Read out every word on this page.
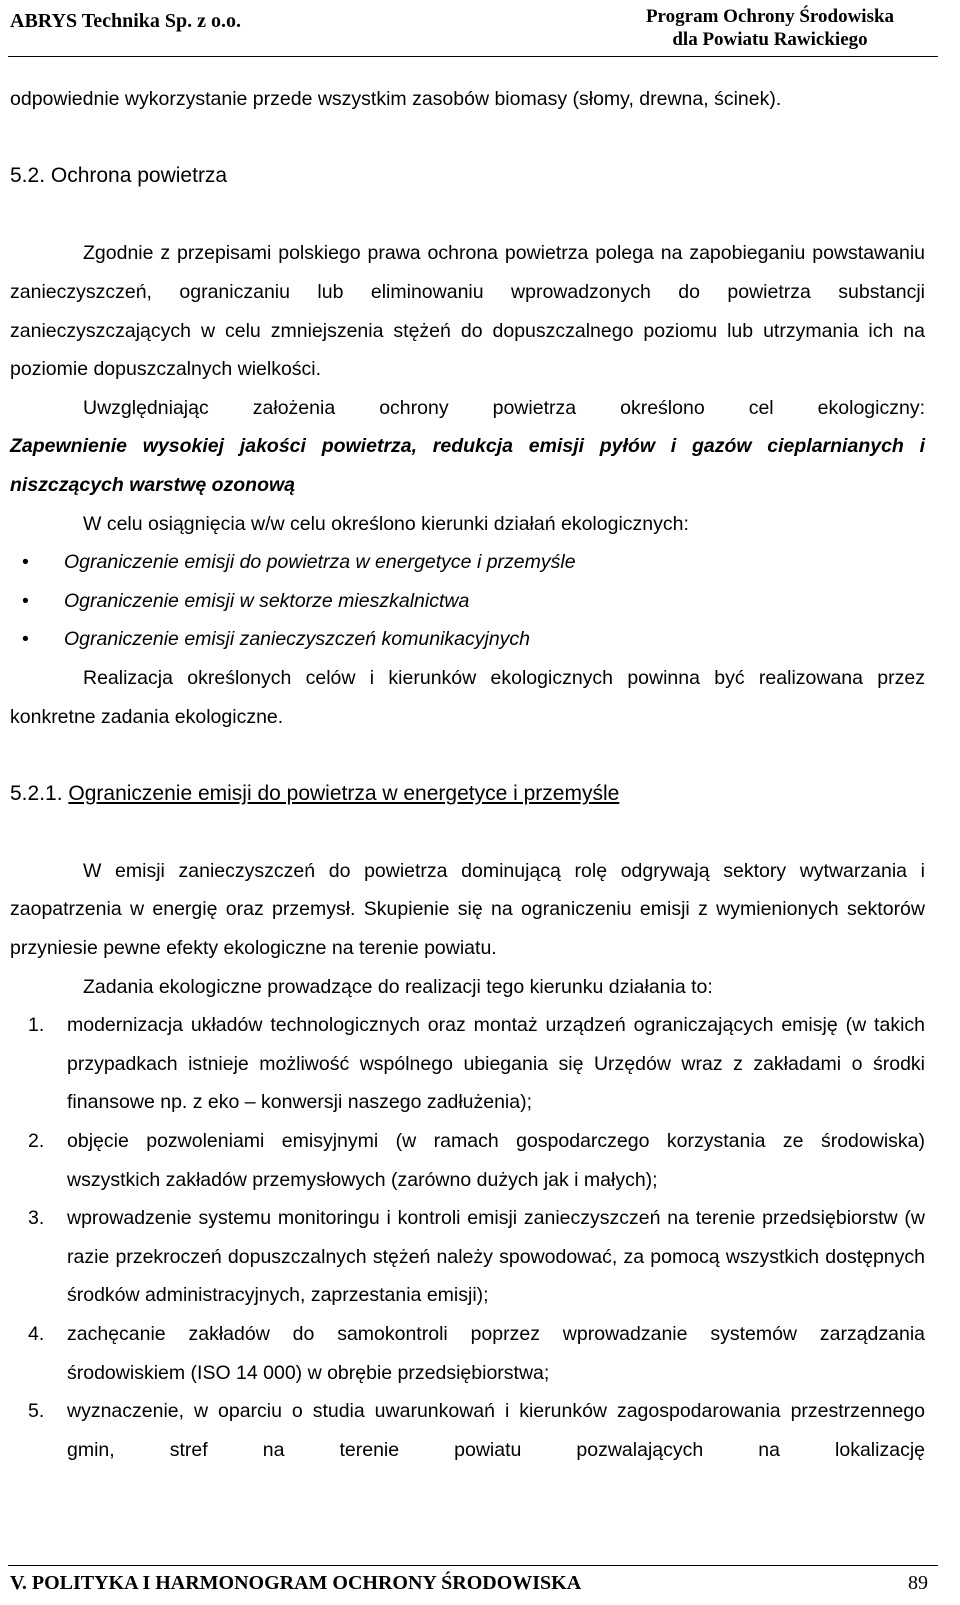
ABRYS Technika Sp. z o.o.	Program Ochrony Środowiska
dla Powiatu Rawickiego

odpowiednie wykorzystanie przede wszystkim zasobów biomasy (słomy, drewna, ścinek).

5.2. Ochrona powietrza

Zgodnie z przepisami polskiego prawa ochrona powietrza polega na zapobieganiu powstawaniu zanieczyszczeń, ograniczaniu lub eliminowaniu wprowadzonych do powietrza substancji zanieczyszczających w celu zmniejszenia stężeń do dopuszczalnego poziomu lub utrzymania ich na poziomie dopuszczalnych wielkości.

Uwzględniając założenia ochrony powietrza określono cel ekologiczny:

Zapewnienie wysokiej jakości powietrza, redukcja emisji pyłów i gazów cieplarnianych i niszczących warstwę ozonową

W celu osiągnięcia w/w celu określono kierunki działań ekologicznych:

• Ograniczenie emisji do powietrza w energetyce i przemyśle
• Ograniczenie emisji w sektorze mieszkalnictwa
• Ograniczenie emisji zanieczyszczeń komunikacyjnych

Realizacja określonych celów i kierunków ekologicznych powinna być realizowana przez konkretne zadania ekologiczne.

5.2.1. Ograniczenie emisji do powietrza w energetyce i przemyśle

W emisji zanieczyszczeń do powietrza dominującą rolę odgrywają sektory wytwarzania i zaopatrzenia w energię oraz przemysł. Skupienie się na ograniczeniu emisji z wymienionych sektorów przyniesie pewne efekty ekologiczne na terenie powiatu.

Zadania ekologiczne prowadzące do realizacji tego kierunku działania to:

1. modernizacja układów technologicznych oraz montaż urządzeń ograniczających emisję (w takich przypadkach istnieje możliwość wspólnego ubiegania się Urzędów wraz z zakładami o środki finansowe np. z eko – konwersji naszego zadłużenia);
2. objęcie pozwoleniami emisyjnymi (w ramach gospodarczego korzystania ze środowiska) wszystkich zakładów przemysłowych (zarówno dużych jak i małych);
3. wprowadzenie systemu monitoringu i kontroli emisji zanieczyszczeń na terenie przedsiębiorstw (w razie przekroczeń dopuszczalnych stężeń należy spowodować, za pomocą wszystkich dostępnych środków administracyjnych, zaprzestania emisji);
4. zachęcanie zakładów do samokontroli poprzez wprowadzanie systemów zarządzania środowiskiem (ISO 14 000) w obrębie przedsiębiorstwa;
5. wyznaczenie, w oparciu o studia uwarunkowań i kierunków zagospodarowania przestrzennego gmin, stref na terenie powiatu pozwalających na lokalizację
V. POLITYKA I HARMONOGRAM OCHRONY ŚRODOWISKA	89
